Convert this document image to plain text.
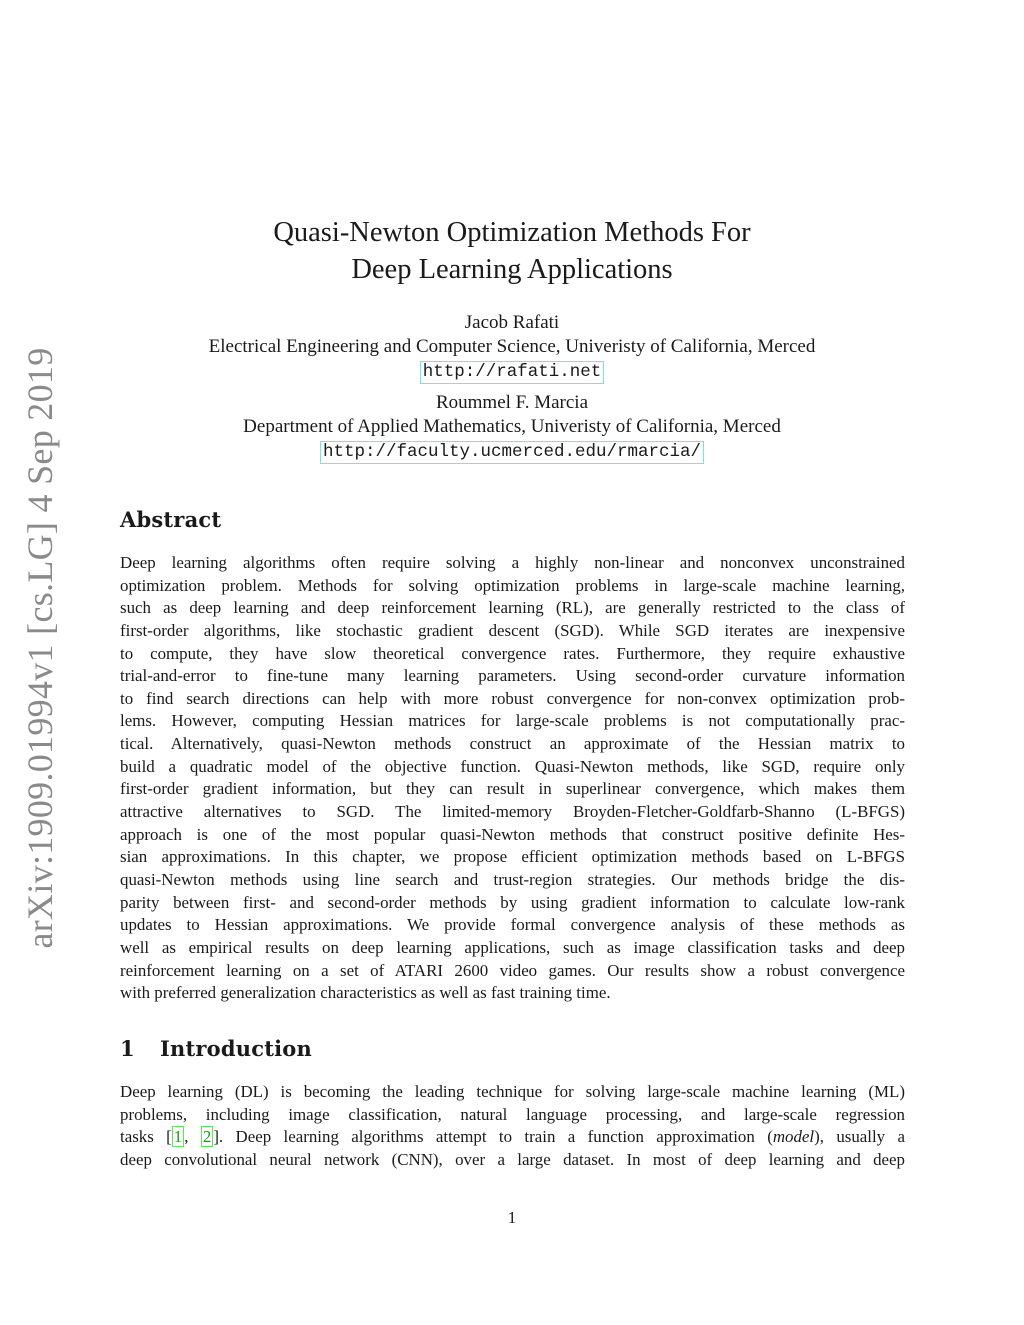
arXiv:1909.01994v1 [cs.LG] 4 Sep 2019
Quasi-Newton Optimization Methods For
Deep Learning Applications
Jacob Rafati
Electrical Engineering and Computer Science, Univeristy of California, Merced
http://rafati.net
Roummel F. Marcia
Department of Applied Mathematics, Univeristy of California, Merced
http://faculty.ucmerced.edu/rmarcia/
Abstract
Deep learning algorithms often require solving a highly non-linear and nonconvex unconstrained
optimization problem. Methods for solving optimization problems in large-scale machine learning,
such as deep learning and deep reinforcement learning (RL), are generally restricted to the class of
first-order algorithms, like stochastic gradient descent (SGD). While SGD iterates are inexpensive
to compute, they have slow theoretical convergence rates. Furthermore, they require exhaustive
trial-and-error to fine-tune many learning parameters. Using second-order curvature information
to find search directions can help with more robust convergence for non-convex optimization prob-
lems. However, computing Hessian matrices for large-scale problems is not computationally prac-
tical. Alternatively, quasi-Newton methods construct an approximate of the Hessian matrix to
build a quadratic model of the objective function. Quasi-Newton methods, like SGD, require only
first-order gradient information, but they can result in superlinear convergence, which makes them
attractive alternatives to SGD. The limited-memory Broyden-Fletcher-Goldfarb-Shanno (L-BFGS)
approach is one of the most popular quasi-Newton methods that construct positive definite Hes-
sian approximations. In this chapter, we propose efficient optimization methods based on L-BFGS
quasi-Newton methods using line search and trust-region strategies. Our methods bridge the dis-
parity between first- and second-order methods by using gradient information to calculate low-rank
updates to Hessian approximations. We provide formal convergence analysis of these methods as
well as empirical results on deep learning applications, such as image classification tasks and deep
reinforcement learning on a set of ATARI 2600 video games. Our results show a robust convergence
with preferred generalization characteristics as well as fast training time.
1 Introduction
Deep learning (DL) is becoming the leading technique for solving large-scale machine learning (ML)
problems, including image classification, natural language processing, and large-scale regression
tasks [ 1 , 2 ]. Deep learning algorithms attempt to train a function approximation (model), usually a
deep convolutional neural network (CNN), over a large dataset. In most of deep learning and deep
1
